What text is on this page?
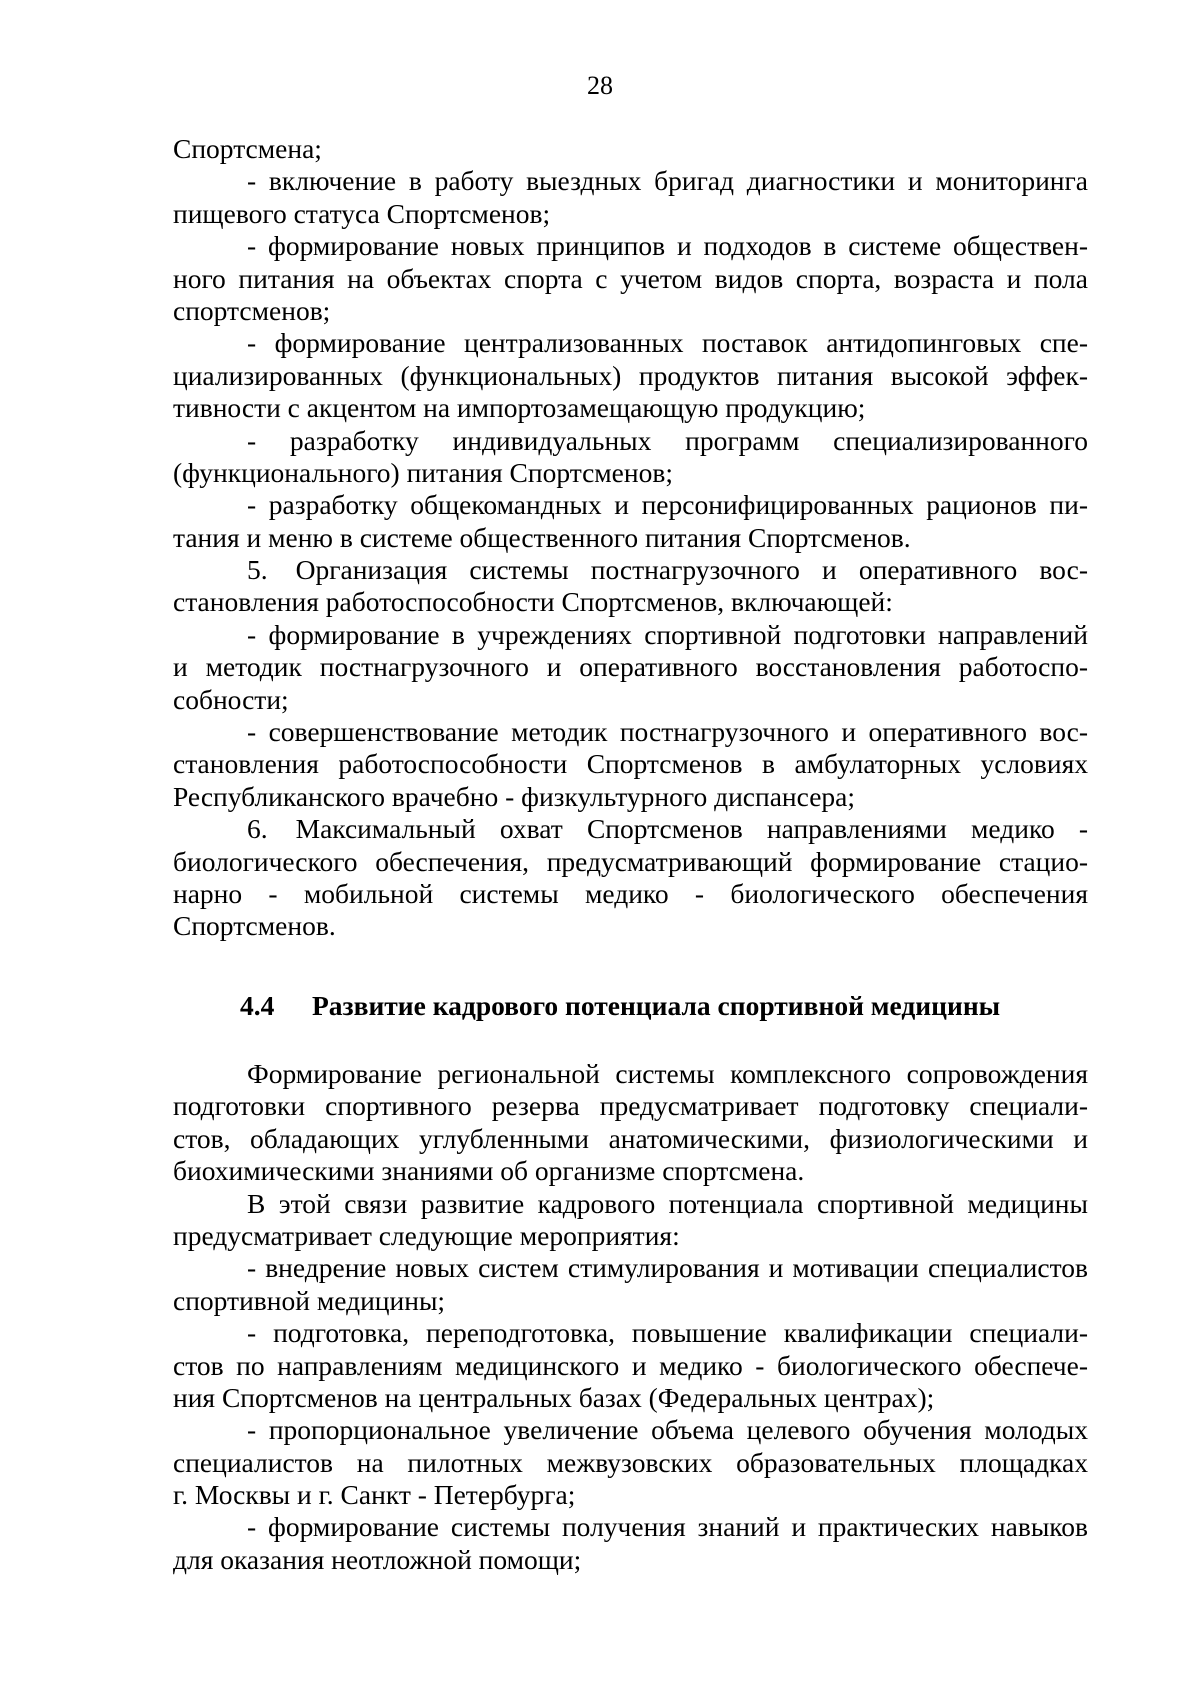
28
Спортсмена;
- включение в работу выездных бригад диагностики и мониторинга
пищевого статуса Спортсменов;
- формирование новых принципов и подходов в системе обществен-
ного питания на объектах спорта с учетом видов спорта, возраста и пола
спортсменов;
- формирование централизованных поставок антидопинговых спе-
циализированных (функциональных) продуктов питания высокой эффек-
тивности с акцентом на импортозамещающую продукцию;
- разработку индивидуальных программ специализированного
(функционального) питания Спортсменов;
- разработку общекомандных и персонифицированных рационов пи-
тания и меню в системе общественного питания Спортсменов.
5.	Организация системы постнагрузочного и оперативного вос-
становления работоспособности Спортсменов, включающей:
- формирование в учреждениях спортивной подготовки направлений
и методик постнагрузочного и оперативного восстановления работоспо-
собности;
- совершенствование методик постнагрузочного и оперативного вос-
становления работоспособности Спортсменов в амбулаторных условиях
Республиканского врачебно - физкультурного диспансера;
6.	Максимальный охват Спортсменов направлениями медико -
биологического обеспечения, предусматривающий формирование стацио-
нарно - мобильной системы медико - биологического обеспечения
Спортсменов.
4.4 Развитие кадрового потенциала спортивной медицины
Формирование региональной системы комплексного сопровождения
подготовки спортивного резерва предусматривает подготовку специали-
стов, обладающих углубленными анатомическими, физиологическими и
биохимическими знаниями об организме спортсмена.
В этой связи развитие кадрового потенциала спортивной медицины
предусматривает следующие мероприятия:
- внедрение новых систем стимулирования и мотивации специалистов
спортивной медицины;
- подготовка, переподготовка, повышение квалификации специали-
стов по направлениям медицинского и медико - биологического обеспече-
ния Спортсменов на центральных базах (Федеральных центрах);
- пропорциональное увеличение объема целевого обучения молодых
специалистов на пилотных межвузовских образовательных площадках
г. Москвы и г. Санкт - Петербурга;
- формирование системы получения знаний и практических навыков
для оказания неотложной помощи;
